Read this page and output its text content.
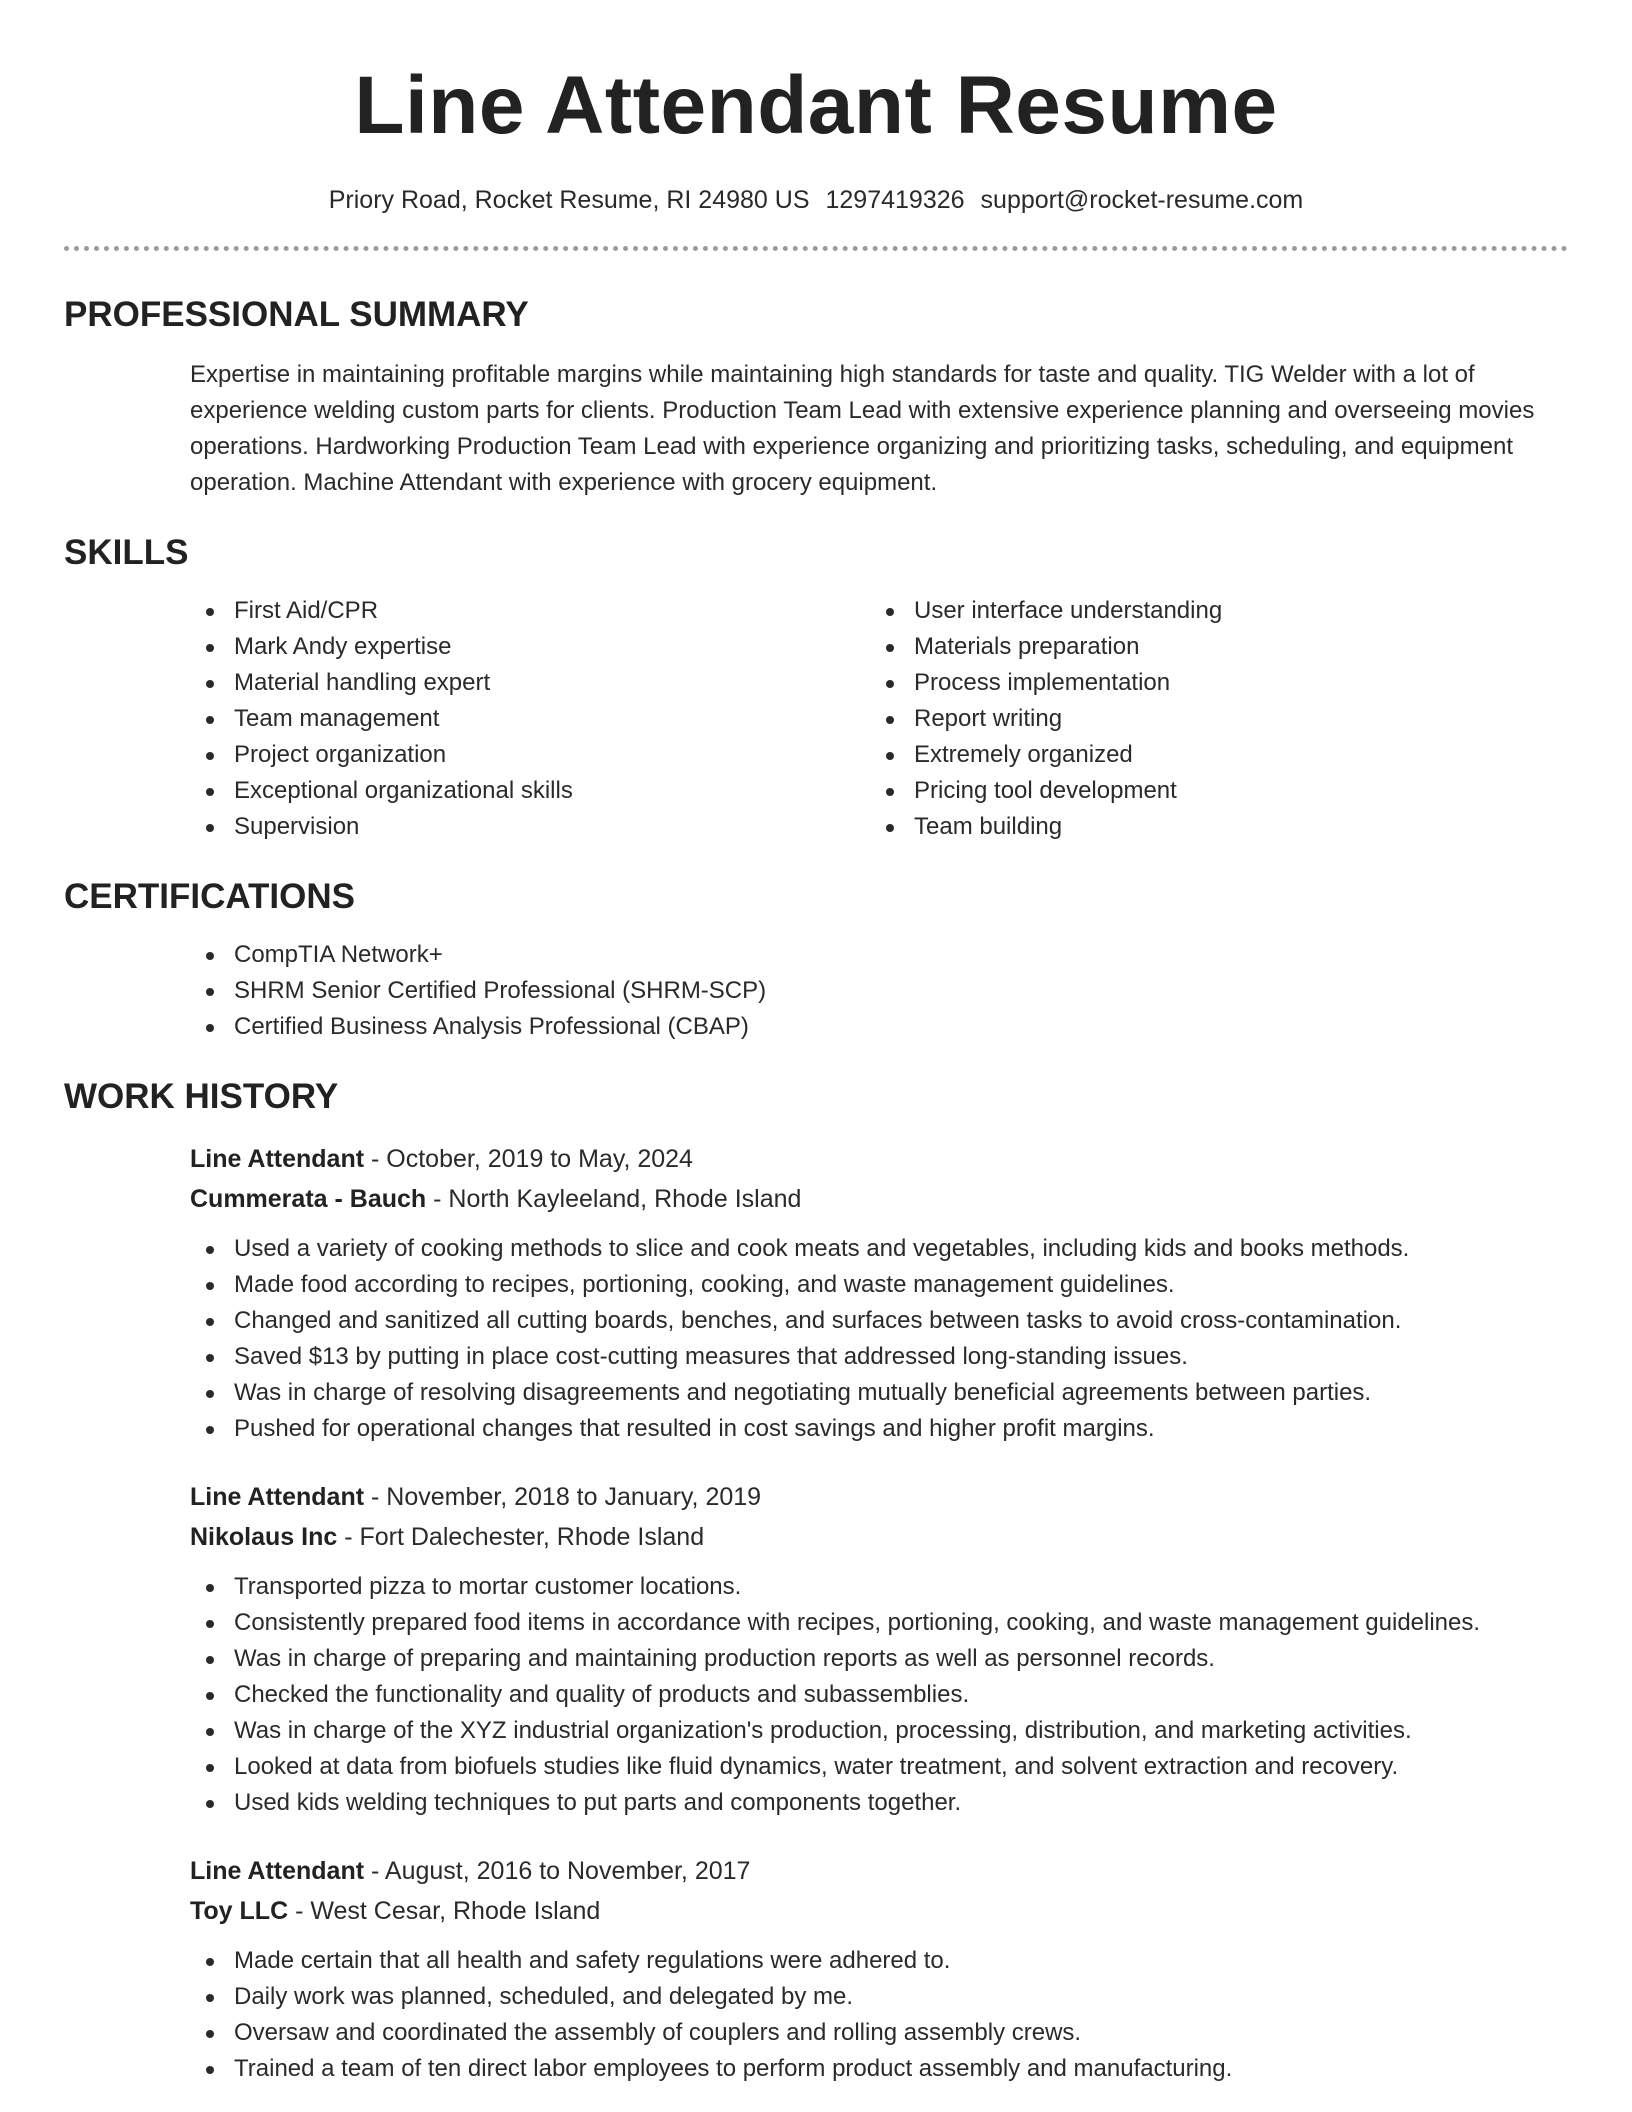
Line Attendant Resume
Priory Road, Rocket Resume, RI 24980 US 1297419326 support@rocket-resume.com
PROFESSIONAL SUMMARY

Expertise in maintaining profitable margins while maintaining high standards for taste and quality. TIG Welder with a lot of experience welding custom parts for clients. Production Team Lead with extensive experience planning and overseeing movies operations. Hardworking Production Team Lead with experience organizing and prioritizing tasks, scheduling, and equipment operation. Machine Attendant with experience with grocery equipment.

SKILLS
First Aid/CPR
Mark Andy expertise
Material handling expert
Team management
Project organization
Exceptional organizational skills
Supervision
User interface understanding
Materials preparation
Process implementation
Report writing
Extremely organized
Pricing tool development
Team building
CERTIFICATIONS
CompTIA Network+
SHRM Senior Certified Professional (SHRM-SCP)
Certified Business Analysis Professional (CBAP)
WORK HISTORY
Line Attendant - October, 2019 to May, 2024
Cummerata - Bauch - North Kayleeland, Rhode Island
Used a variety of cooking methods to slice and cook meats and vegetables, including kids and books methods.
Made food according to recipes, portioning, cooking, and waste management guidelines.
Changed and sanitized all cutting boards, benches, and surfaces between tasks to avoid cross-contamination.
Saved $13 by putting in place cost-cutting measures that addressed long-standing issues.
Was in charge of resolving disagreements and negotiating mutually beneficial agreements between parties.
Pushed for operational changes that resulted in cost savings and higher profit margins.
Line Attendant - November, 2018 to January, 2019
Nikolaus Inc - Fort Dalechester, Rhode Island
Transported pizza to mortar customer locations.
Consistently prepared food items in accordance with recipes, portioning, cooking, and waste management guidelines.
Was in charge of preparing and maintaining production reports as well as personnel records.
Checked the functionality and quality of products and subassemblies.
Was in charge of the XYZ industrial organization's production, processing, distribution, and marketing activities.
Looked at data from biofuels studies like fluid dynamics, water treatment, and solvent extraction and recovery.
Used kids welding techniques to put parts and components together.
Line Attendant - August, 2016 to November, 2017
Toy LLC - West Cesar, Rhode Island
Made certain that all health and safety regulations were adhered to.
Daily work was planned, scheduled, and delegated by me.
Oversaw and coordinated the assembly of couplers and rolling assembly crews.
Trained a team of ten direct labor employees to perform product assembly and manufacturing.
